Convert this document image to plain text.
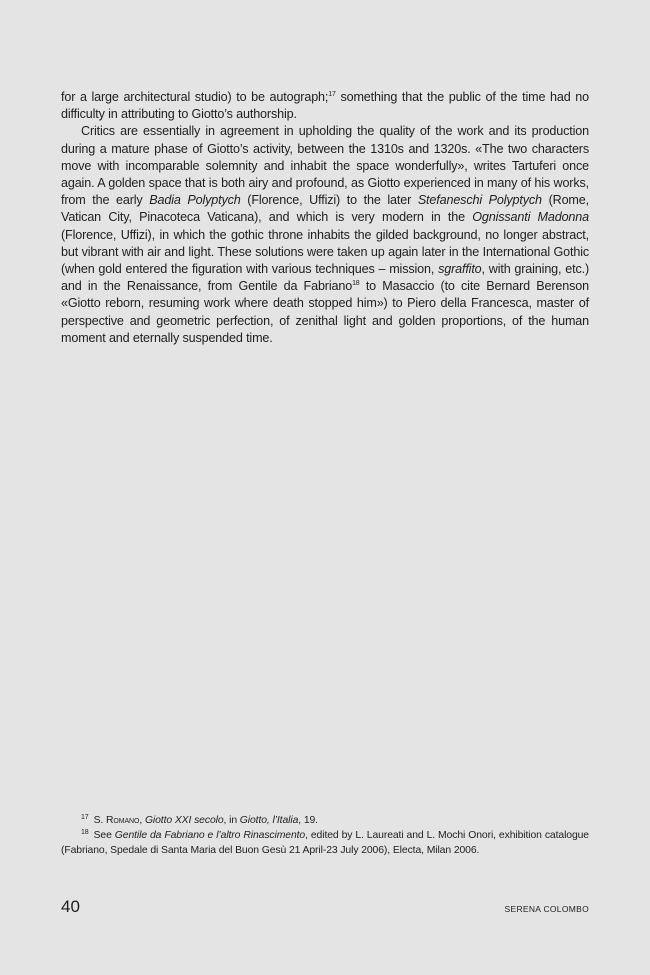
for a large architectural studio) to be autograph;$^{17}$ something that the public of the time had no difficulty in attributing to Giotto’s authorship.

Critics are essentially in agreement in upholding the quality of the work and its production during a mature phase of Giotto’s activity, between the 1310s and 1320s. «The two characters move with incomparable solemnity and inhabit the space wonderfully», writes Tartuferi once again. A golden space that is both airy and profound, as Giotto experienced in many of his works, from the early Badia Polyptych (Florence, Uffizi) to the later Stefaneschi Polyptych (Rome, Vatican City, Pinacoteca Vaticana), and which is very modern in the Ognissanti Madonna (Florence, Uffizi), in which the gothic throne inhabits the gilded background, no longer abstract, but vibrant with air and light. These solutions were taken up again later in the International Gothic (when gold entered the figuration with various techniques – mission, sgraffito, with graining, etc.) and in the Renaissance, from Gentile da Fabriano$^{18}$ to Masaccio (to cite Bernard Berenson «Giotto reborn, resuming work where death stopped him») to Piero della Francesca, master of perspective and geometric perfection, of zenithal light and golden proportions, of the human moment and eternally suspended time.

$^{17}$ S. Romano, Giotto XXI secolo, in Giotto, l’Italia, 19.

$^{18}$ See Gentile da Fabriano e l’altro Rinascimento, edited by L. Laureati and L. Mochi Onori, exhibition catalogue (Fabriano, Spedale di Santa Maria del Buon Gesù 21 April-23 July 2006), Electa, Milan 2006.

40	SERENA COLOMBO
